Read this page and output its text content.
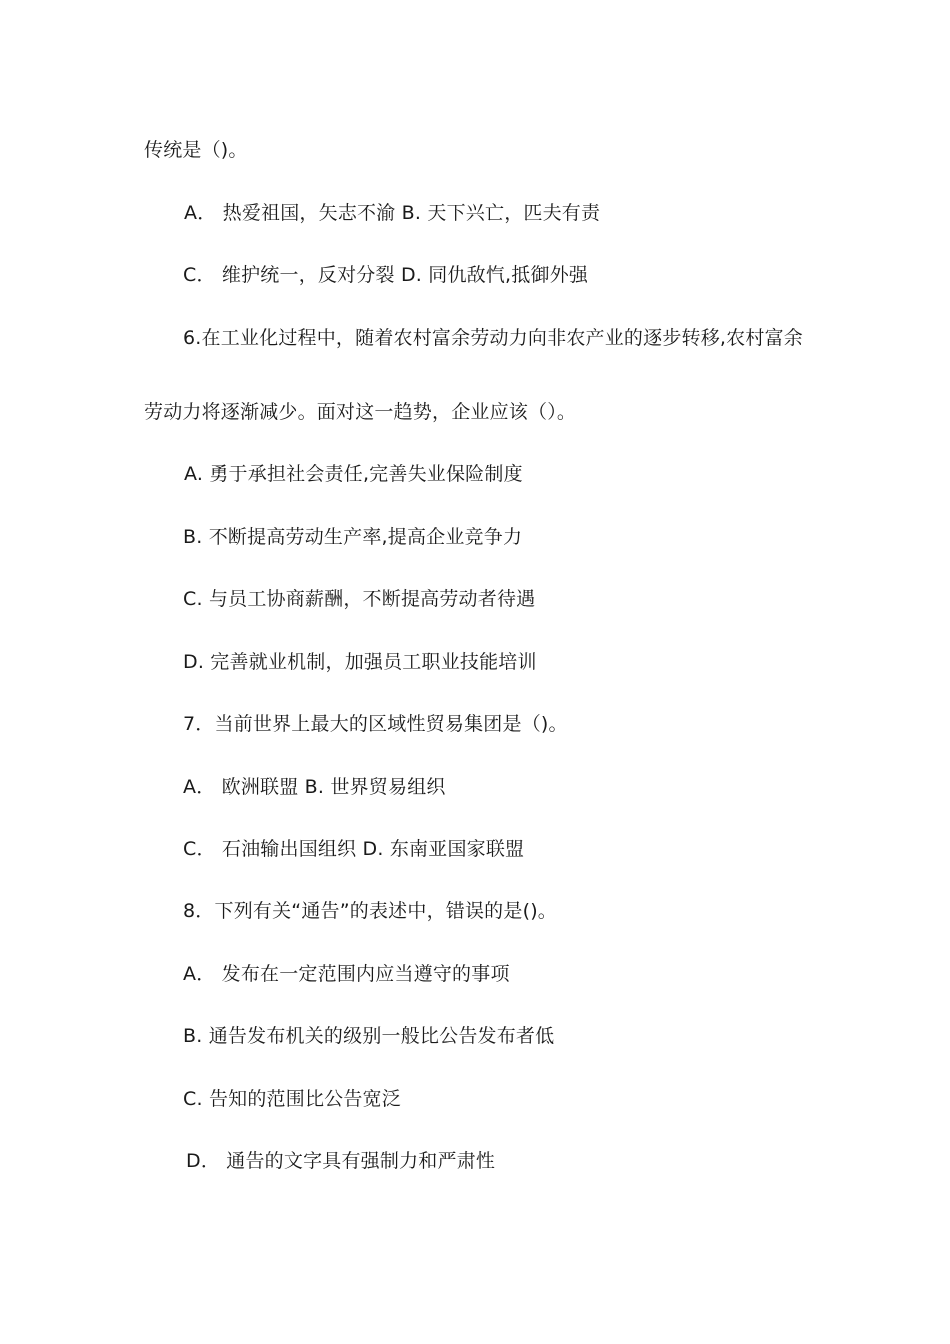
传统是（)。
A． 热爱祖国，矢志不渝 B. 天下兴亡，匹夫有责
C． 维护统一，反对分裂 D. 同仇敌忾,抵御外强
6.在工业化过程中，随着农村富余劳动力向非农产业的逐步转移,农村富余
劳动力将逐渐减少。面对这一趋势，企业应该（）。
A. 勇于承担社会责任,完善失业保险制度
B. 不断提高劳动生产率,提高企业竞争力
C. 与员工协商薪酬，不断提高劳动者待遇
D. 完善就业机制，加强员工职业技能培训
7．当前世界上最大的区域性贸易集团是（)。
A． 欧洲联盟 B. 世界贸易组织
C． 石油输出国组织 D. 东南亚国家联盟
8．下列有关“通告”的表述中，错误的是()。
A． 发布在一定范围内应当遵守的事项
B. 通告发布机关的级别一般比公告发布者低
C. 告知的范围比公告宽泛
D． 通告的文字具有强制力和严肃性
